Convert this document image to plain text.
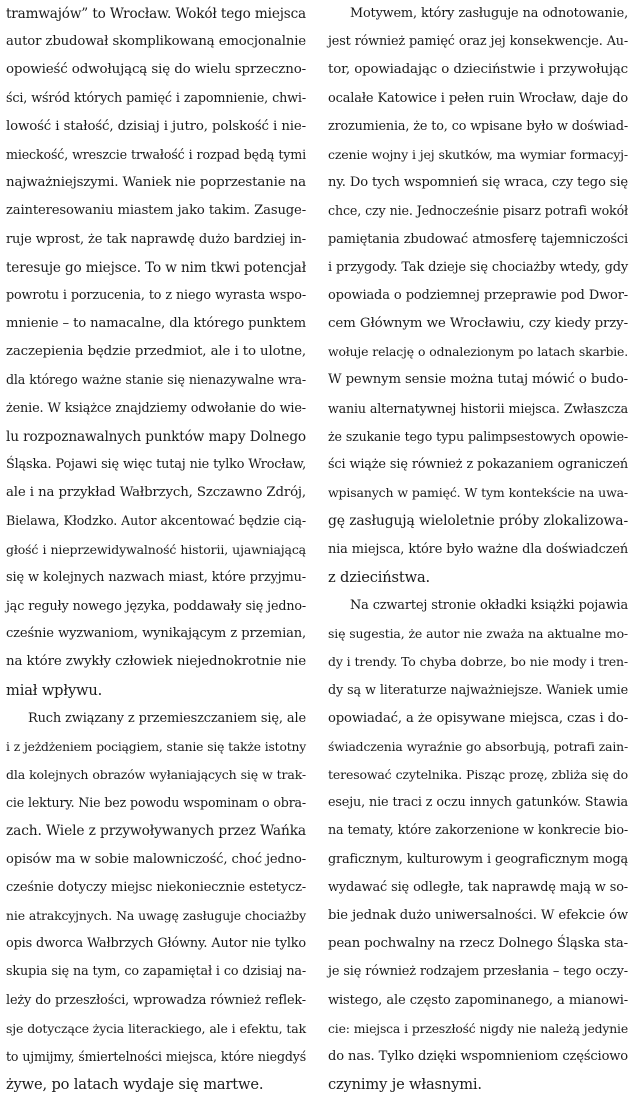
tramwajów” to Wrocław. Wokół tego miejsca
autor zbudował skomplikowaną emocjonalnie
opowieść odwołującą się do wielu sprzeczno-
ści, wśród których pamięć i zapomnienie, chwi-
lowość i stałość, dzisiaj i jutro, polskość i nie-
mieckość, wreszcie trwałość i rozpad będą tymi
najważniejszymi. Waniek nie poprzestanie na
zainteresowaniu miastem jako takim. Zasuge-
ruje wprost, że tak naprawdę dużo bardziej in-
teresuje go miejsce. To w nim tkwi potencjał
powrotu i porzucenia, to z niego wyrasta wspo-
mnienie – to namacalne, dla którego punktem
zaczepienia będzie przedmiot, ale i to ulotne,
dla którego ważne stanie się nienazywalne wra-
żenie. W książce znajdziemy odwołanie do wie-
lu rozpoznawalnych punktów mapy Dolnego
Śląska. Pojawi się więc tutaj nie tylko Wrocław,
ale i na przykład Wałbrzych, Szczawno Zdrój,
Bielawa, Kłodzko. Autor akcentować będzie cią-
głość i nieprzewidywalność historii, ujawniającą
się w kolejnych nazwach miast, które przyjmu-
jąc reguły nowego języka, poddawały się jedno-
cześnie wyzwaniom, wynikającym z przemian,
na które zwykły człowiek niejednokrotnie nie
miał wpływu.
Ruch związany z przemieszczaniem się, ale
i z jeżdżeniem pociągiem, stanie się także istotny
dla kolejnych obrazów wyłaniających się w trak-
cie lektury. Nie bez powodu wspominam o obra-
zach. Wiele z przywoływanych przez Wańka
opisów ma w sobie malowniczość, choć jedno-
cześnie dotyczy miejsc niekoniecznie estetycz-
nie atrakcyjnych. Na uwagę zasługuje chociażby
opis dworca Wałbrzych Główny. Autor nie tylko
skupia się na tym, co zapamiętał i co dzisiaj na-
leży do przeszłości, wprowadza również reflek-
sje dotyczące życia literackiego, ale i efektu, tak
to ujmijmy, śmiertelności miejsca, które niegdyś
żywe, po latach wydaje się martwe.
Motywem, który zasługuje na odnotowanie,
jest również pamięć oraz jej konsekwencje. Au-
tor, opowiadając o dzieciństwie i przywołując
ocalałe Katowice i pełen ruin Wrocław, daje do
zrozumienia, że to, co wpisane było w doświad-
czenie wojny i jej skutków, ma wymiar formacyj-
ny. Do tych wspomnień się wraca, czy tego się
chce, czy nie. Jednocześnie pisarz potrafi wokół
pamiętania zbudować atmosferę tajemniczości
i przygody. Tak dzieje się chociażby wtedy, gdy
opowiada o podziemnej przeprawie pod Dwor-
cem Głównym we Wrocławiu, czy kiedy przy-
wołuje relację o odnalezionym po latach skarbie.
W pewnym sensie można tutaj mówić o budo-
waniu alternatywnej historii miejsca. Zwłaszcza
że szukanie tego typu palimpsestowych opowie-
ści wiąże się również z pokazaniem ograniczeń
wpisanych w pamięć. W tym kontekście na uwa-
gę zasługują wieloletnie próby zlokalizowa-
nia miejsca, które było ważne dla doświadczeń
z dzieciństwa.
Na czwartej stronie okładki książki pojawia
się sugestia, że autor nie zważa na aktualne mo-
dy i trendy. To chyba dobrze, bo nie mody i tren-
dy są w literaturze najważniejsze. Waniek umie
opowiadać, a że opisywane miejsca, czas i do-
świadczenia wyraźnie go absorbują, potrafi zain-
teresować czytelnika. Pisząc prozę, zbliża się do
eseju, nie traci z oczu innych gatunków. Stawia
na tematy, które zakorzenione w konkrecie bio-
graficznym, kulturowym i geograficznym mogą
wydawać się odległe, tak naprawdę mają w so-
bie jednak dużo uniwersalności. W efekcie ów
pean pochwalny na rzecz Dolnego Śląska sta-
je się również rodzajem przesłania – tego oczy-
wistego, ale często zapominanego, a mianowi-
cie: miejsca i przeszłość nigdy nie należą jedynie
do nas. Tylko dzięki wspomnieniom częściowo
czynimy je własnymi.
